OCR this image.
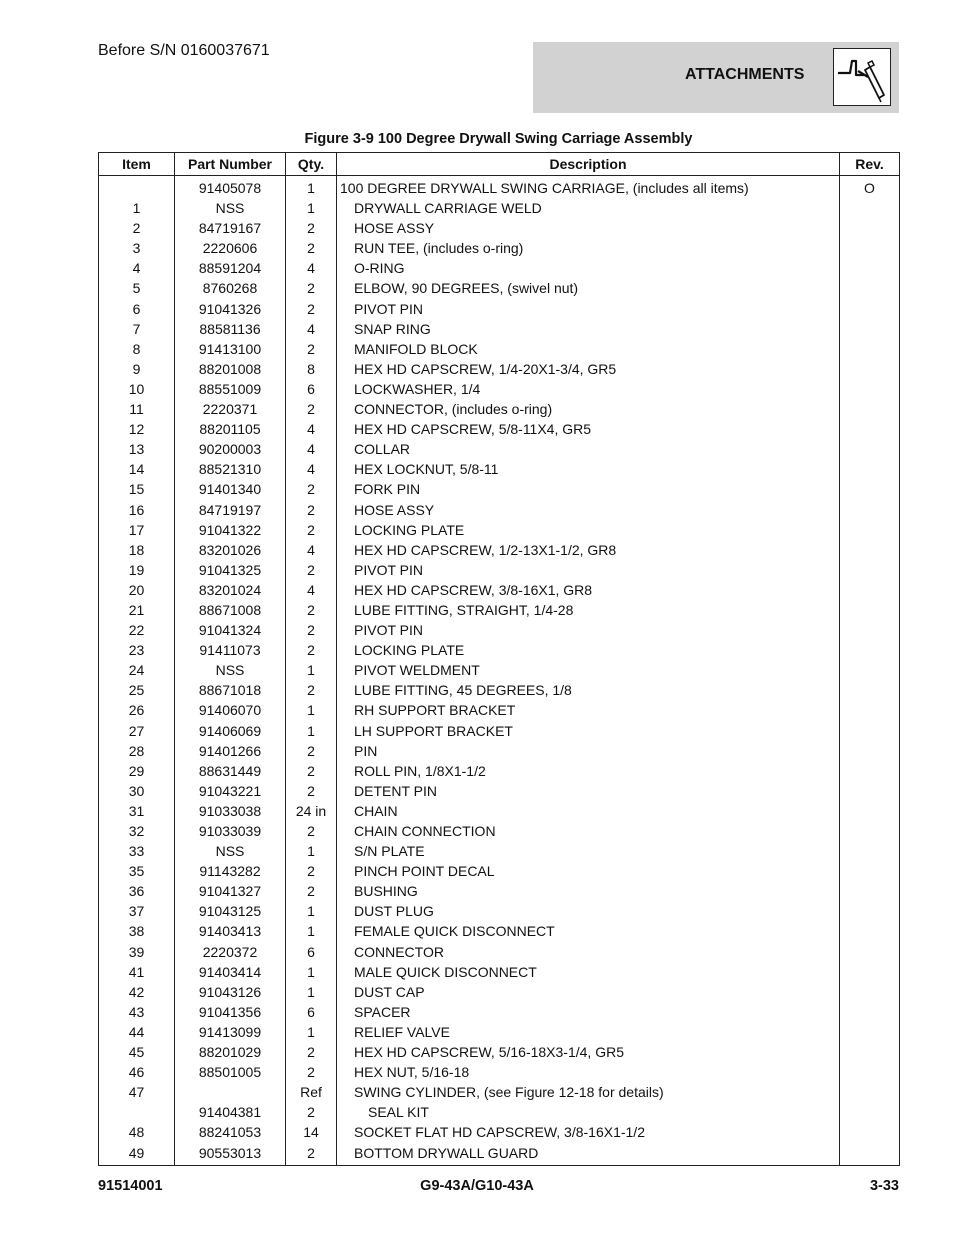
Before S/N 0160037671
ATTACHMENTS
Figure 3-9 100 Degree Drywall Swing Carriage Assembly
Item	Part Number	Qty.	Description	Rev.
	91405078	1	100 DEGREE DRYWALL SWING CARRIAGE, (includes all items)	O
1	NSS	1	DRYWALL CARRIAGE WELD	
2	84719167	2	HOSE ASSY	
3	2220606	2	RUN TEE, (includes o-ring)	
4	88591204	4	O-RING	
5	8760268	2	ELBOW, 90 DEGREES, (swivel nut)	
6	91041326	2	PIVOT PIN	
7	88581136	4	SNAP RING	
8	91413100	2	MANIFOLD BLOCK	
9	88201008	8	HEX HD CAPSCREW, 1/4-20X1-3/4, GR5	
10	88551009	6	LOCKWASHER, 1/4	
11	2220371	2	CONNECTOR, (includes o-ring)	
12	88201105	4	HEX HD CAPSCREW, 5/8-11X4, GR5	
13	90200003	4	COLLAR	
14	88521310	4	HEX LOCKNUT, 5/8-11	
15	91401340	2	FORK PIN	
16	84719197	2	HOSE ASSY	
17	91041322	2	LOCKING PLATE	
18	83201026	4	HEX HD CAPSCREW, 1/2-13X1-1/2, GR8	
19	91041325	2	PIVOT PIN	
20	83201024	4	HEX HD CAPSCREW, 3/8-16X1, GR8	
21	88671008	2	LUBE FITTING, STRAIGHT, 1/4-28	
22	91041324	2	PIVOT PIN	
23	91411073	2	LOCKING PLATE	
24	NSS	1	PIVOT WELDMENT	
25	88671018	2	LUBE FITTING, 45 DEGREES, 1/8	
26	91406070	1	RH SUPPORT BRACKET	
27	91406069	1	LH SUPPORT BRACKET	
28	91401266	2	PIN	
29	88631449	2	ROLL PIN, 1/8X1-1/2	
30	91043221	2	DETENT PIN	
31	91033038	24 in	CHAIN	
32	91033039	2	CHAIN CONNECTION	
33	NSS	1	S/N PLATE	
35	91143282	2	PINCH POINT DECAL	
36	91041327	2	BUSHING	
37	91043125	1	DUST PLUG	
38	91403413	1	FEMALE QUICK DISCONNECT	
39	2220372	6	CONNECTOR	
41	91403414	1	MALE QUICK DISCONNECT	
42	91043126	1	DUST CAP	
43	91041356	6	SPACER	
44	91413099	1	RELIEF VALVE	
45	88201029	2	HEX HD CAPSCREW, 5/16-18X3-1/4, GR5	
46	88501005	2	HEX NUT, 5/16-18	
47		Ref	SWING CYLINDER, (see Figure 12-18 for details)	
	91404381	2	SEAL KIT	
48	88241053	14	SOCKET FLAT HD CAPSCREW, 3/8-16X1-1/2	
49	90553013	2	BOTTOM DRYWALL GUARD	
91514001	G9-43A/G10-43A	3-33
